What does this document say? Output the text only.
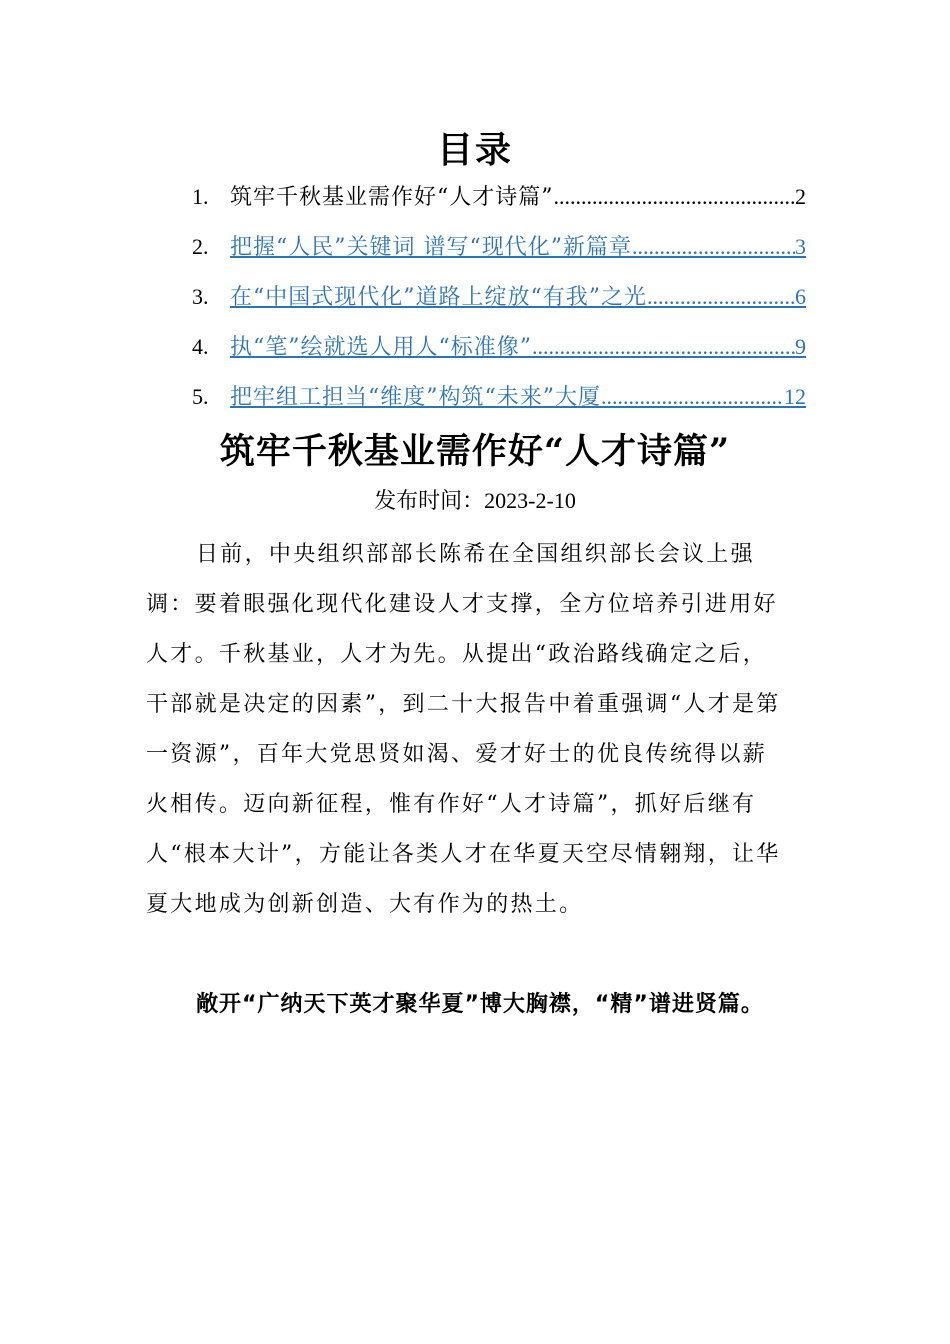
目录
1. 筑牢千秋基业需作好“人才诗篇” .....	2
2. 把握“人民”关键词 谱写“现代化”新篇章 .....	3
3. 在“中国式现代化”道路上绽放“有我”之光 .....	6
4. 执“笔”绘就选人用人“标准像” .....	9
5. 把牢组工担当“维度”构筑“未来”大厦 .....	12
筑牢千秋基业需作好“人才诗篇”
发布时间：2023-2-10

日前，中央组织部部长陈希在全国组织部长会议上强调：要着眼强化现代化建设人才支撑，全方位培养引进用好人才。千秋基业，人才为先。从提出“政治路线确定之后，干部就是决定的因素”，到二十大报告中着重强调“人才是第一资源”，百年大党思贤如渴、爱才好士的优良传统得以薪火相传。迈向新征程，惟有作好“人才诗篇”，抓好后继有人“根本大计”，方能让各类人才在华夏天空尽情翱翔，让华夏大地成为创新创造、大有作为的热土。

敞开“广纳天下英才聚华夏”博大胸襟，“精”谱进贤篇。
